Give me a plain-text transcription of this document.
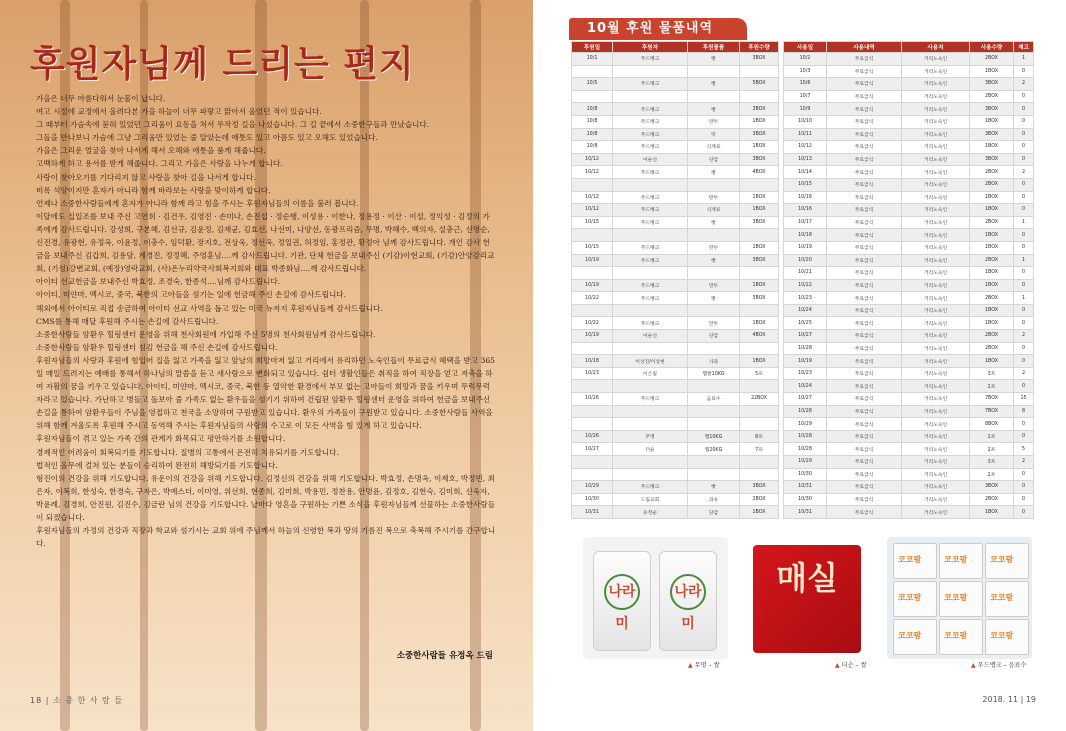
후원자님께 드리는 편지

가을은 너무 아름다워서 눈물이 납니다.

여고 시절에 교정에서 올려다본 가을 하늘이 너무 파랗고 맑아서 울었던 적이 있습니다.

그 때부터 가슴속에 묻혀 있었던 그리움이 요동을 쳐서 무작정 길을 나섰습니다. 그 길 끝에서 소중한구들과 만났습니다.

그들을 만나보니 가슴에 그냥 그리움만 있었는 줄 알았는데 애틋도 있고 아픔도 있고 오해도 있었습니다.

가을은 그리운 얼굴을 찾아 나서게 해서 오해와 애틋을 품게 해줍니다.

고백하게 하고 용서를 받게 해줍니다. 그리고 가을은 사랑을 나누게 합니다.

사랑이 찾아오기를 기다리지 않고 사랑을 찾아 길을 나서게 합니다.

비록 석양이지만 혼자가 아니라 함께 바라보는 사랑을 맞이하게 합니다.

언제나 소중한사람들에게 혼자가 아니라 함께 라고 힘을 주시는 후원자님들의 이름을 불러 봅니다.

이달에도 십일조를 보내 주신 고연희 · 김건우, 김영진 · 손미나, 손진섭 · 정순행, 이성용 · 이한나, 정용정 · 이산 · 이설, 정익성 · 김정의 가족에게 감사드립니다. 강성희, 구본혜, 김선규, 김윤정, 김재균, 김효선, 나선미, 나양선, 동광프리즘, 무명, 박혜수, 백의자, 설충근, 신명순, 신진경, 유광현, 유정옥, 이윤정, 이충수, 임덕환, 장지호, 전상욱, 정선옥, 정일권, 허정임, 홍정관, 황정아 님께 감사드립니다. 개인 감사 헌금을 보내주신 김갑희, 김용담, 계경진, 정정혜, 주영훈님....께 감사드립니다. 기관, 단체 헌금을 보내주신 (기감)아현교회, (기감)안양감리교회, (기성)강변교회, (예장)영락교회, (사)온누리약국사회복지회와 대표 박종화님....께 감사드립니다.

아이티 선교헌금을 보내주신 박효정, 조경숙, 한종석....님께 감사드립니다.

아이티, 미얀마, 멕시코, 중국, 북한의 고아들을 섬기는 일에 헌금해 주신 손길에 감사드립니다.

해외에서 아이티로 직접 송금하여 아이티 선교 사역을 돕고 있는 미국 뉴저지 후원자님들께 감사드립니다.

CMS를 통해 매달 후원해 주시는 손길에 감사드립니다.

소중한사람들 암환우 힐링센터 운영을 위해 천사회원에 가입해 주신 5명의 천사회원님께 감사드립니다.

소중한사람들 암환우 힐링센터 섬김 헌금을 해 주신 손길에 감사드립니다.

후원자님들의 사랑과 후원에 힘입어 집을 잃고 가족을 잃고 앞날의 희망마저 잃고 거리에서 유리하던 노숙인들이 무료급식 혜택을 받고 365일 매일 드려지는 예배를 통해서 하나님의 말씀을 듣고 새사람으로 변화되고 있습니다. 쉼터 생활인들은 취직을 하여 직장을 얻고 저축을 하여 자활의 꿈을 키우고 있습니다. 아이티, 미얀마, 멕시코, 중국, 북한 등 열악한 환경에서 부모 없는 고아들이 희망과 꿈을 키우며 무럭무럭 자라고 있습니다. 가난하고 병들고 돌보아 줄 가족도 없는 환우들을 섬기기 위하여 건립된 암환우 힐링센터 운영을 위하여 헌금을 보내주신 손길을 통하여 암환우들이 주님을 영접하고 천국을 소망하며 구원받고 있습니다. 환우의 가족들이 구원받고 있습니다. 소중한사람들 사역을 위해 함께 겨울도록 후원해 주시고 동역해 주시는 후원자님들의 사랑의 수고로 이 모든 사역을 힘 있게 하고 있습니다.

후원자님들이 겪고 있는 가족 간의 관계가 화목되고 평안하기를 소원합니다.

경제적인 어려움이 회복되기를 기도합니다. 질병의 고통에서 온전히 치유되기를 기도합니다.

법적인 올무에 걸쳐 있는 분들이 승리하여 완전히 해방되기를 기도합니다.

형진이의 건강을 위해 기도합니다. 유운이의 건강을 위해 기도합니다. 김정신의 건강을 위해 기도합니다. 박효정, 손명옥, 이제호, 박정빈, 최은자, 이복희, 한성숙, 한경숙, 구자은, 박예스더, 이미영, 위선희, 현종희, 김미희, 박용민, 정찬용, 안명윤, 김정호, 김현숙, 김미희, 신욱자, 박윤례, 김경희, 안진원, 김진수, 김금란 님의 건강을 기도합니다. 날마다 영혼을 구원하는 기쁜 소식을 후원자님들께 선물하는 소중한사람들이 되겠습니다.

후원자님들의 가정의 건강과 직장과 학교와 섬기시는 교회 위에 주님께서 하늘의 신령한 복과 땅의 기름진 복으로 축복해 주시기를 간구합니다.

소중한사람들 유정옥 드림
18 | 소 중 한 사 람 들
10월 후원 물품내역
후원일	후원자	후원물품	후원수량		사용일	사용내역	사용처	사용수량	재고
10/1	푸드뱅크	빵	3BOX		10/2	무료급식	거리노숙인	2BOX	1
					10/3	무료급식	거리노숙인	1BOX	0
10/5	푸드뱅크	빵	5BOX		10/6	무료급식	거리노숙인	3BOX	2
					10/7	무료급식	거리노숙인	2BOX	0
10/8	푸드뱅크	빵	3BOX		10/9	무료급식	거리노숙인	3BOX	0
10/8	푸드뱅크	만두	1BOX		10/10	무료급식	거리노숙인	1BOX	0
10/8	푸드뱅크	떡	3BOX		10/11	무료급식	거리노숙인	3BOX	0
10/8	푸드뱅크	식재료	1BOX		10/12	무료급식	거리노숙인	1BOX	0
10/12	이순신	단감	3BOX		10/13	무료급식	거리노숙인	3BOX	0
10/12	푸드뱅크	빵	4BOX		10/14	무료급식	거리노숙인	2BOX	2
					10/15	무료급식	거리노숙인	2BOX	0
10/12	푸드뱅크	만두	1BOX		10/16	무료급식	거리노숙인	1BOX	0
10/12	푸드뱅크	식재료	1BOX		10/16	무료급식	거리노숙인	1BOX	0
10/15	푸드뱅크	빵	3BOX		10/17	무료급식	거리노숙인	2BOX	1
					10/18	무료급식	거리노숙인	1BOX	0
10/15	푸드뱅크	만두	1BOX		10/19	무료급식	거리노숙인	1BOX	0
10/19	푸드뱅크	빵	3BOX		10/20	무료급식	거리노숙인	2BOX	1
					10/21	무료급식	거리노숙인	1BOX	0
10/19	푸드뱅크	만두	1BOX		10/22	무료급식	거리노숙인	1BOX	0
10/22	푸드뱅크	빵	3BOX		10/23	무료급식	거리노숙인	2BOX	1
					10/24	무료급식	거리노숙인	1BOX	0
10/22	푸드뱅크	만두	1BOX		10/25	무료급식	거리노숙인	1BOX	0
10/19	이순신	단감	4BOX		10/27	무료급식	거리노숙인	2BOX	2
					10/28	무료급식	거리노숙인	2BOX	0
10/18	이상진/이상현	사과	1BOX		10/19	무료급식	거리노숙인	1BOX	0
10/23	이은림	햅쌀10KG	5포		10/23	무료급식	거리노숙인	3포	2
					10/24	무료급식	거리노숙인	2포	0
10/26	푸드뱅크	음료수	22BOX		10/27	무료급식	거리노숙인	7BOX	15
					10/28	무료급식	거리노숙인	7BOX	8
					10/29	무료급식	거리노숙인	8BOX	0
10/26	무명	햅10KG	8포		10/28	무료급식	거리노숙인	2포	0
10/27	더순	햅20KG	7포		10/28	무료급식	거리노숙인	2포	5
					10/29	무료급식	거리노숙인	3포	2
					10/30	무료급식	거리노숙인	2포	0
10/29	푸드뱅크	빵	3BOX		10/31	무료급식	거리노숙인	3BOX	0
10/30	드림교회	과유	2BOX		10/30	무료급식	거리노숙인	2BOX	0
10/31	유정순	단감	1BOX		10/31	무료급식	거리노숙인	1BOX	0
나라미
나라미
매실	코코팜	코코팜	코코팜
코코팜	코코팜	코코팜
코코팜	코코팜	코코팜
▲ 무명 – 쌀	▲ 더순 – 쌀	▲ 푸드뱅크 – 음료수
2018. 11 | 19
